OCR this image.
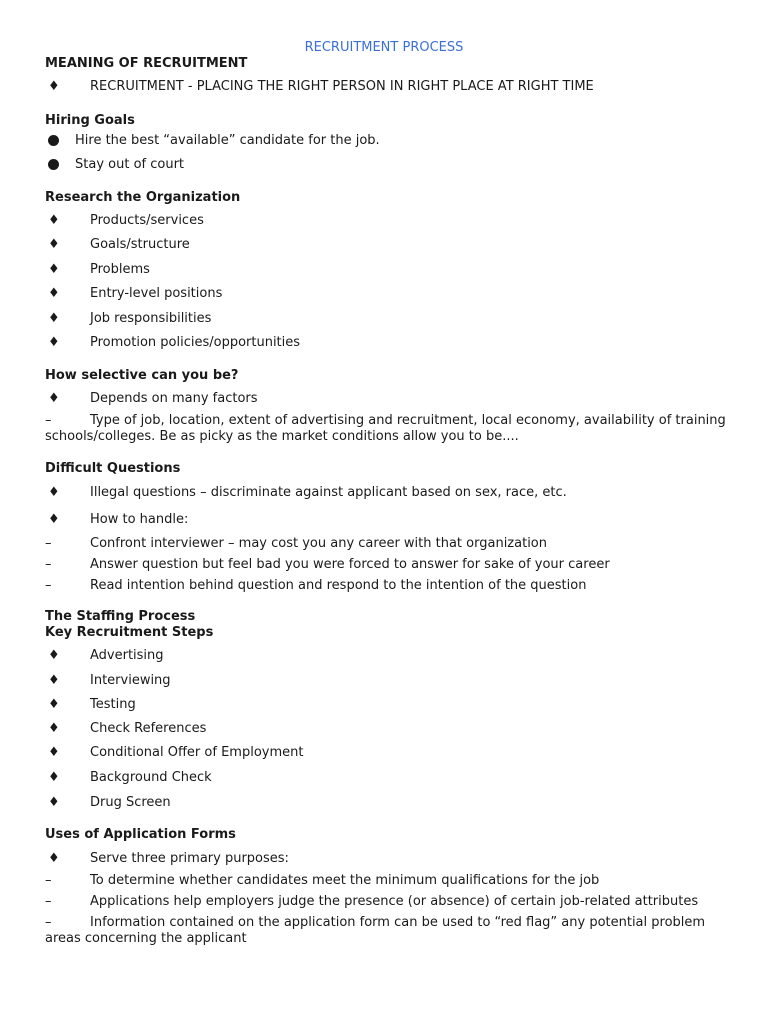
RECRUITMENT PROCESS
MEANING OF RECRUITMENT
♦ RECRUITMENT - PLACING THE RIGHT PERSON IN RIGHT PLACE AT RIGHT TIME
Hiring Goals
Hire the best “available” candidate for the job.
Stay out of court
Research the Organization
♦ Products/services
♦ Goals/structure
♦ Problems
♦ Entry-level positions
♦ Job responsibilities
♦ Promotion policies/opportunities
How selective can you be?
♦ Depends on many factors
–	Type of job, location, extent of advertising and recruitment, local economy, availability of training schools/colleges. Be as picky as the market conditions allow you to be....
Difficult Questions
♦ Illegal questions – discriminate against applicant based on sex, race, etc.
♦ How to handle:
–	Confront interviewer – may cost you any career with that organization
–	Answer question but feel bad you were forced to answer for sake of your career
–	Read intention behind question and respond to the intention of the question
The Staffing Process
Key Recruitment Steps
♦ Advertising
♦ Interviewing
♦ Testing
♦ Check References
♦ Conditional Offer of Employment
♦ Background Check
♦ Drug Screen
Uses of Application Forms
♦ Serve three primary purposes:
–	To determine whether candidates meet the minimum qualifications for the job
–	Applications help employers judge the presence (or absence) of certain job-related attributes
–	Information contained on the application form can be used to “red flag” any potential problem areas concerning the applicant
